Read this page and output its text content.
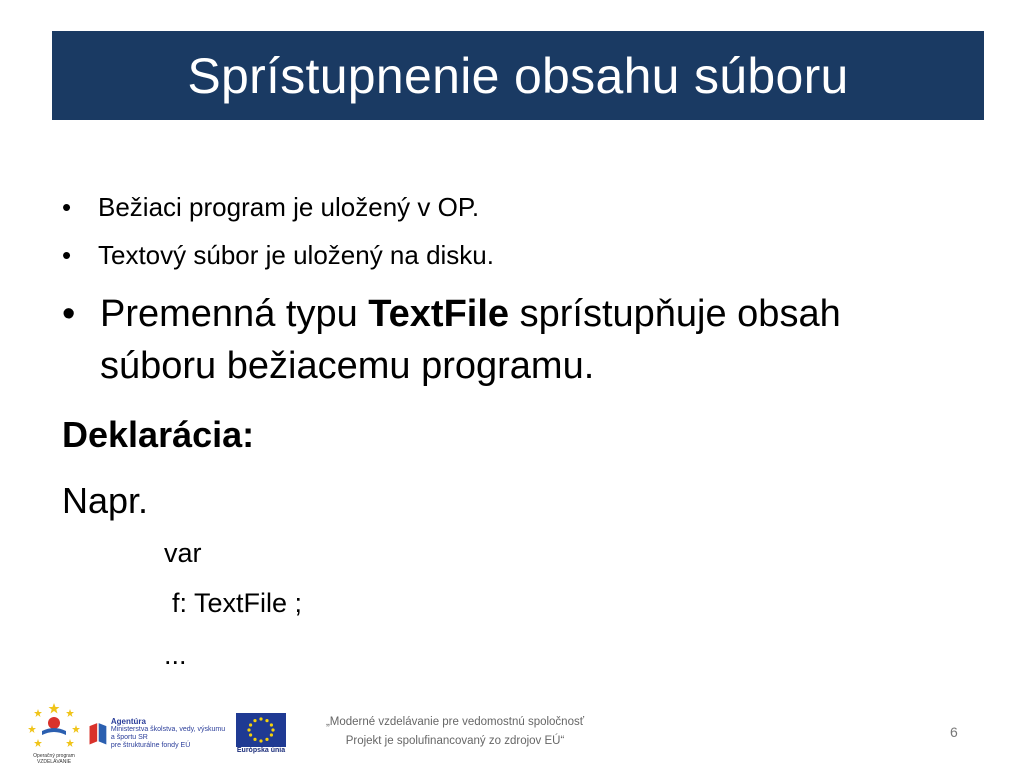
Sprístupnenie obsahu súboru
•	Bežiaci program je uložený v OP.
•	Textový súbor je uložený na disku.
• Premenná typu TextFile sprístupňuje obsah súboru bežiacemu programu.
Deklarácia:
Napr.
var
f: TextFile ;
...
Operačný program VZDELÁVANIE
Agentúra
Ministerstva školstva, vedy, výskumu a športu SR
pre štrukturálne fondy EÚ
Európska únia
„Moderné vzdelávanie pre vedomostnú spoločnosť
Projekt je spolufinancovaný zo zdrojov EÚ“
6
